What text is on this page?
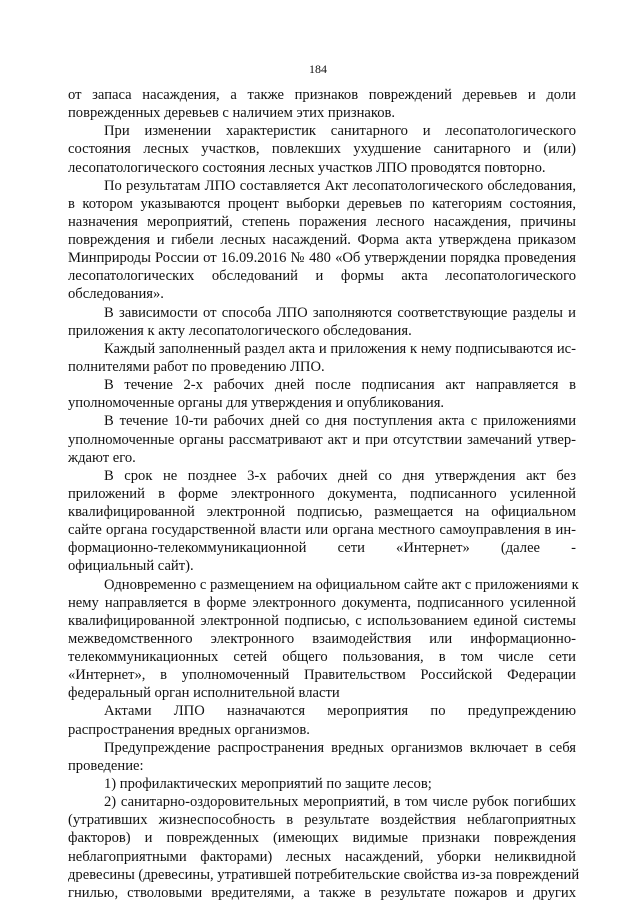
184
от запаса насаждения, а также признаков повреждений деревьев и доли
поврежденных деревьев с наличием этих признаков.
При изменении характеристик санитарного и лесопатологического
состояния лесных участков, повлекших ухудшение санитарного и (или)
лесопатологического состояния лесных участков ЛПО проводятся повторно.
По результатам ЛПО составляется Акт лесопатологического обследования,
в котором указываются процент выборки деревьев по категориям состояния,
назначения мероприятий, степень поражения лесного насаждения, причины
повреждения и гибели лесных насаждений. Форма акта утверждена приказом
Минприроды России от 16.09.2016 № 480 «Об утверждении порядка проведения
лесопатологических обследований и формы акта лесопатологического
обследования».
В зависимости от способа ЛПО заполняются соответствующие разделы и
приложения к акту лесопатологического обследования.
Каждый заполненный раздел акта и приложения к нему подписываются ис-
полнителями работ по проведению ЛПО.
В течение 2-х рабочих дней после подписания акт направляется в
уполномоченные органы для утверждения и опубликования.
В течение 10-ти рабочих дней со дня поступления акта с приложениями
уполномоченные органы рассматривают акт и при отсутствии замечаний утвер-
ждают его.
В срок не позднее 3-х рабочих дней со дня утверждения акт без
приложений в форме электронного документа, подписанного усиленной
квалифицированной электронной подписью, размещается на официальном
сайте органа государственной власти или органа местного самоуправления в ин-
формационно-телекоммуникационной сети «Интернет» (далее -
официальный сайт).
Одновременно с размещением на официальном сайте акт с приложениями к
нему направляется в форме электронного документа, подписанного усиленной
квалифицированной электронной подписью, с использованием единой системы
межведомственного электронного взаимодействия или информационно-
телекоммуникационных сетей общего пользования, в том числе сети
«Интернет», в уполномоченный Правительством Российской Федерации
федеральный орган исполнительной власти
Актами ЛПО назначаются мероприятия по предупреждению
распространения вредных организмов.
Предупреждение распространения вредных организмов включает в себя
проведение:
1) профилактических мероприятий по защите лесов;
2) санитарно-оздоровительных мероприятий, в том числе рубок погибших
(утративших жизнеспособность в результате воздействия неблагоприятных
факторов) и поврежденных (имеющих видимые признаки повреждения
неблагоприятными факторами) лесных насаждений, уборки неликвидной
древесины (древесины, утратившей потребительские свойства из-за повреждений
гнилью, стволовыми вредителями, а также в результате пожаров и других
